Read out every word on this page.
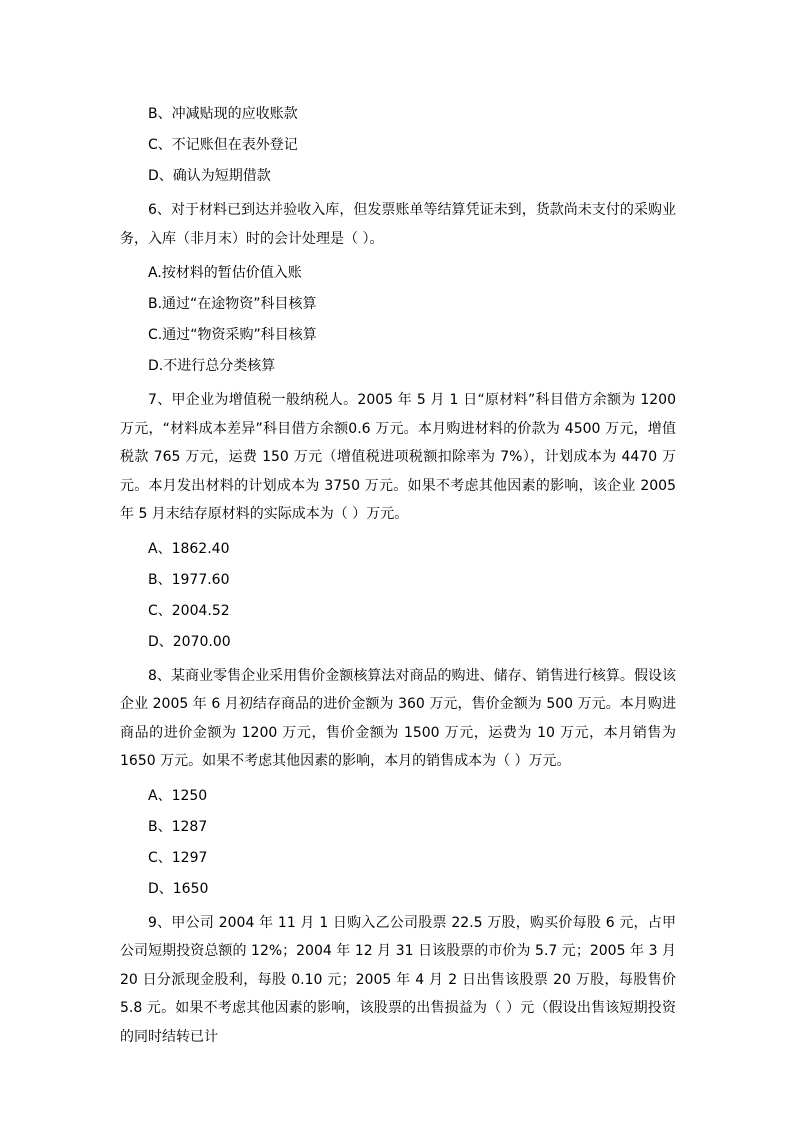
B、冲减贴现的应收账款
C、不记账但在表外登记
D、确认为短期借款

6、对于材料已到达并验收入库，但发票账单等结算凭证未到，货款尚未支付的采购业务，入库（非月末）时的会计处理是（ ）。

A.按材料的暂估价值入账
B.通过“在途物资”科目核算
C.通过“物资采购”科目核算
D.不进行总分类核算

7、甲企业为增值税一般纳税人。2005 年 5 月 1 日“原材料”科目借方余额为 1200 万元，“材料成本差异”科目借方余额0.6 万元。本月购进材料的价款为 4500 万元，增值税款 765 万元，运费 150 万元（增值税进项税额扣除率为 7%），计划成本为 4470 万元。本月发出材料的计划成本为 3750 万元。如果不考虑其他因素的影响，该企业 2005 年 5 月末结存原材料的实际成本为（ ）万元。

A、1862.40
B、1977.60
C、2004.52
D、2070.00

8、某商业零售企业采用售价金额核算法对商品的购进、储存、销售进行核算。假设该企业 2005 年 6 月初结存商品的进价金额为 360 万元，售价金额为 500 万元。本月购进商品的进价金额为 1200 万元，售价金额为 1500 万元，运费为 10 万元，本月销售为 1650 万元。如果不考虑其他因素的影响，本月的销售成本为（ ）万元。

A、1250
B、1287
C、1297
D、1650

9、甲公司 2004 年 11 月 1 日购入乙公司股票 22.5 万股，购买价每股 6 元，占甲公司短期投资总额的 12%；2004 年 12 月 31 日该股票的市价为 5.7 元；2005 年 3 月 20 日分派现金股利，每股 0.10 元；2005 年 4 月 2 日出售该股票 20 万股，每股售价 5.8 元。如果不考虑其他因素的影响，该股票的出售损益为（ ）元（假设出售该短期投资的同时结转已计
